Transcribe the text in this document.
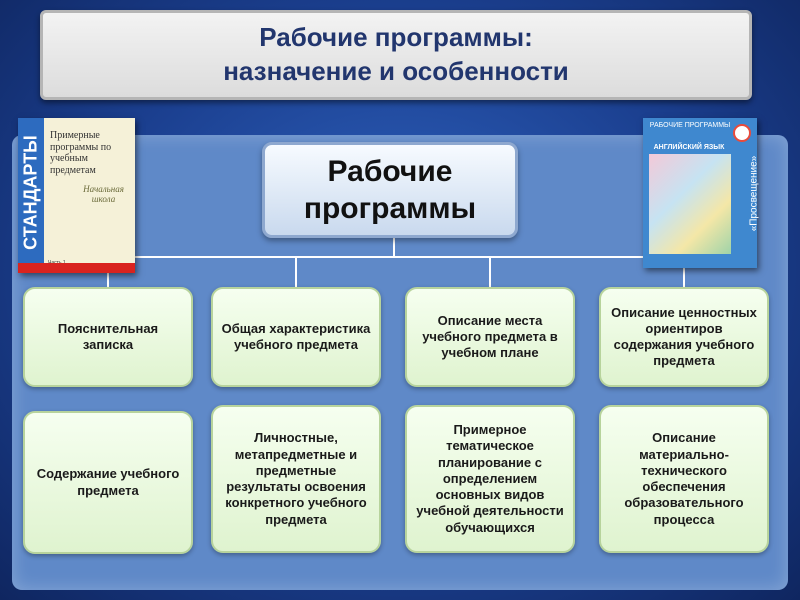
Рабочие программы:
назначение и особенности
Рабочие
программы
Пояснительная записка
Общая характеристика учебного предмета
Описание места учебного предмета в учебном плане
Описание ценностных ориентиров содержания учебного предмета
Содержание учебного предмета
Личностные, метапредметные и предметные результаты освоения конкретного учебного предмета
Примерное тематическое планирование с определением основных видов учебной деятельности обучающихся
Описание материально-технического обеспечения образовательного процесса
СТАНДАРТЫ Примерные программы по учебным предметам
Начальная школа
РАБОЧИЕ ПРОГРАММЫ
АНГЛИЙСКИЙ ЯЗЫК
«Просвещение»
